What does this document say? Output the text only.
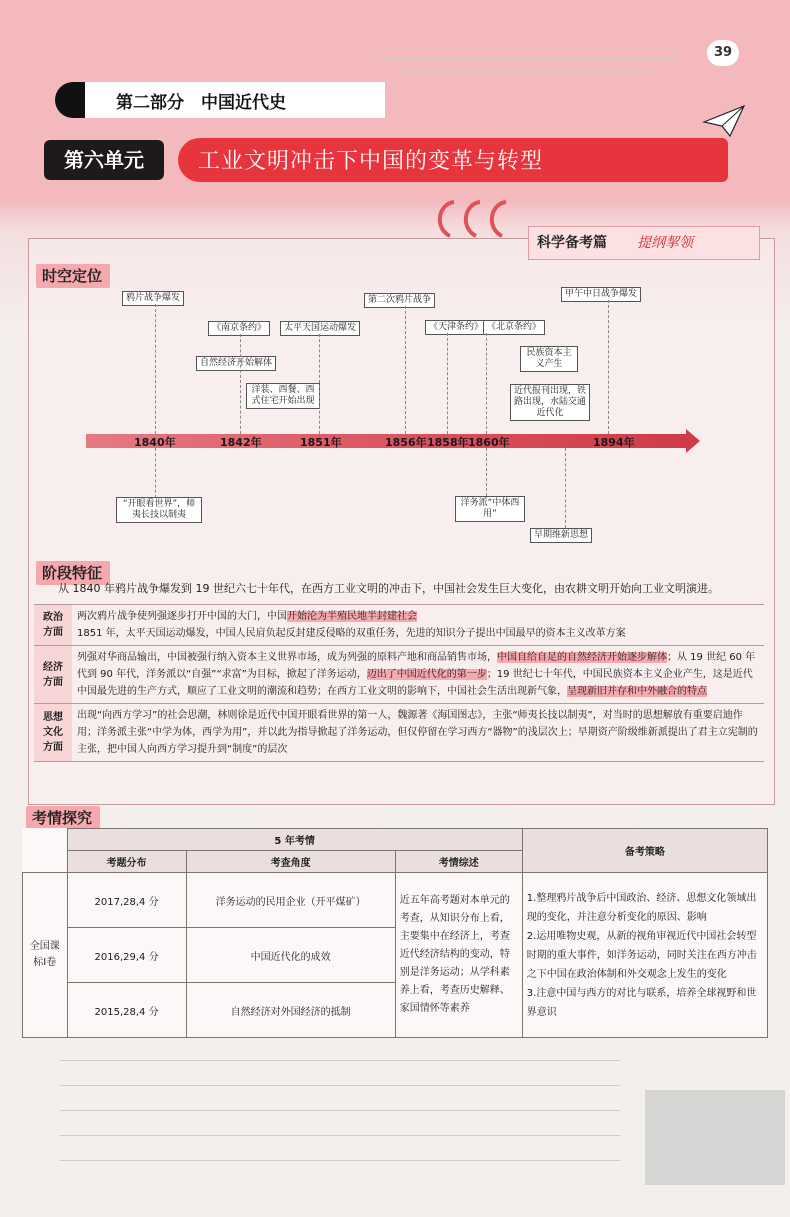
39
第二部分　中国近代史
第六单元	工业文明冲击下中国的变革与转型
科学备考篇 提纲挈领
时空定位
鸦片战争爆发
《南京条约》
自然经济开始解体
太平天国运动爆发
洋装、西餐、西式住宅开始出现
第二次鸦片战争
《天津条约》 《北京条约》
民族资本主义产生
近代报刊出现，铁路出现，水陆交通近代化
甲午中日战争爆发
1840年	1842年	1851年	1856年 1858年 1860年	1894年
“开眼看世界”，师夷长技以制夷
洋务派“中体西用”
早期维新思想
阶段特征
从 1840 年鸦片战争爆发到 19 世纪六七十年代，在西方工业文明的冲击下，中国社会发生巨大变化，由农耕文明开始向工业文明演进。
政治方面	两次鸦片战争使列强逐步打开中国的大门，中国开始沦为半殖民地半封建社会
1851 年，太平天国运动爆发，中国人民肩负起反封建反侵略的双重任务，先进的知识分子提出中国最早的资本主义改革方案
经济方面	列强对华商品输出，中国被强行纳入资本主义世界市场，成为列强的原料产地和商品销售市场，中国自给自足的自然经济开始逐步解体；从 19 世纪 60 年代到 90 年代，洋务派以“自强”“求富”为目标，掀起了洋务运动，迈出了中国近代化的第一步；19 世纪七十年代，中国民族资本主义企业产生，这是近代中国最先进的生产方式，顺应了工业文明的潮流和趋势；在西方工业文明的影响下，中国社会生活出现新气象，呈现新旧并存和中外融合的特点
思想文化方面	出现“向西方学习”的社会思潮，林则徐是近代中国开眼看世界的第一人，魏源著《海国图志》，主张“师夷长技以制夷”，对当时的思想解放有重要启迪作用；洋务派主张“中学为体，西学为用”，并以此为指导掀起了洋务运动，但仅停留在学习西方“器物”的浅层次上；早期资产阶级维新派提出了君主立宪制的主张，把中国人向西方学习提升到“制度”的层次
考情探究
	5 年考情			备考策略
	考题分布	考查角度	考情综述	
全国课标Ⅰ卷	2017,28,4 分	洋务运动的民用企业（开平煤矿）	近五年高考题对本单元的考查，从知识分布上看，主要集中在经济上，考查近代经济结构的变动，特别是洋务运动；从学科素养上看，考查历史解释、家国情怀等素养	1.整理鸦片战争后中国政治、经济、思想文化领域出现的变化，并注意分析变化的原因、影响
2.运用唯物史观，从新的视角审视近代中国社会转型时期的重大事件，如洋务运动，同时关注在西方冲击之下中国在政治体制和外交观念上发生的变化
3.注意中国与西方的对比与联系，培养全球视野和世界意识

	2016,29,4 分	中国近代化的成效		
	2015,28,4 分	自然经济对外国经济的抵制		
